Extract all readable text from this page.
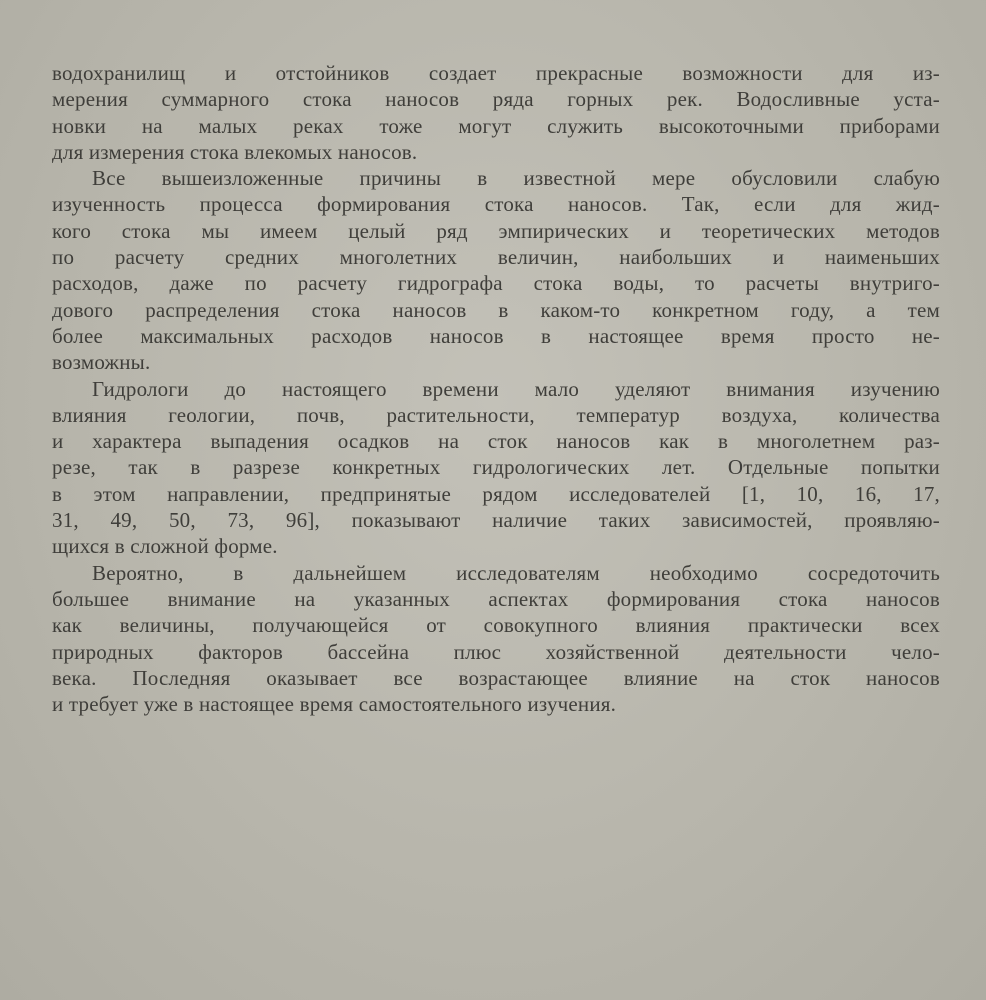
водохранилищ и отстойников создает прекрасные возможности для из-
мерения суммарного стока наносов ряда горных рек. Водосливные уста-
новки на малых реках тоже могут служить высокоточными приборами
для измерения стока влекомых наносов.
Все вышеизложенные причины в известной мере обусловили слабую
изученность процесса формирования стока наносов. Так, если для жид-
кого стока мы имеем целый ряд эмпирических и теоретических методов
по расчету средних многолетних величин, наибольших и наименьших
расходов, даже по расчету гидрографа стока воды, то расчеты внутриго-
дового распределения стока наносов в каком-то конкретном году, а тем
более максимальных расходов наносов в настоящее время просто не-
возможны.
Гидрологи до настоящего времени мало уделяют внимания изучению
влияния геологии, почв, растительности, температур воздуха, количества
и характера выпадения осадков на сток наносов как в многолетнем раз-
резе, так в разрезе конкретных гидрологических лет. Отдельные попытки
в этом направлении, предпринятые рядом исследователей [1, 10, 16, 17,
31, 49, 50, 73, 96], показывают наличие таких зависимостей, проявляю-
щихся в сложной форме.
Вероятно, в дальнейшем исследователям необходимо сосредоточить
большее внимание на указанных аспектах формирования стока наносов
как величины, получающейся от совокупного влияния практически всех
природных факторов бассейна плюс хозяйственной деятельности чело-
века. Последняя оказывает все возрастающее влияние на сток наносов
и требует уже в настоящее время самостоятельного изучения.
